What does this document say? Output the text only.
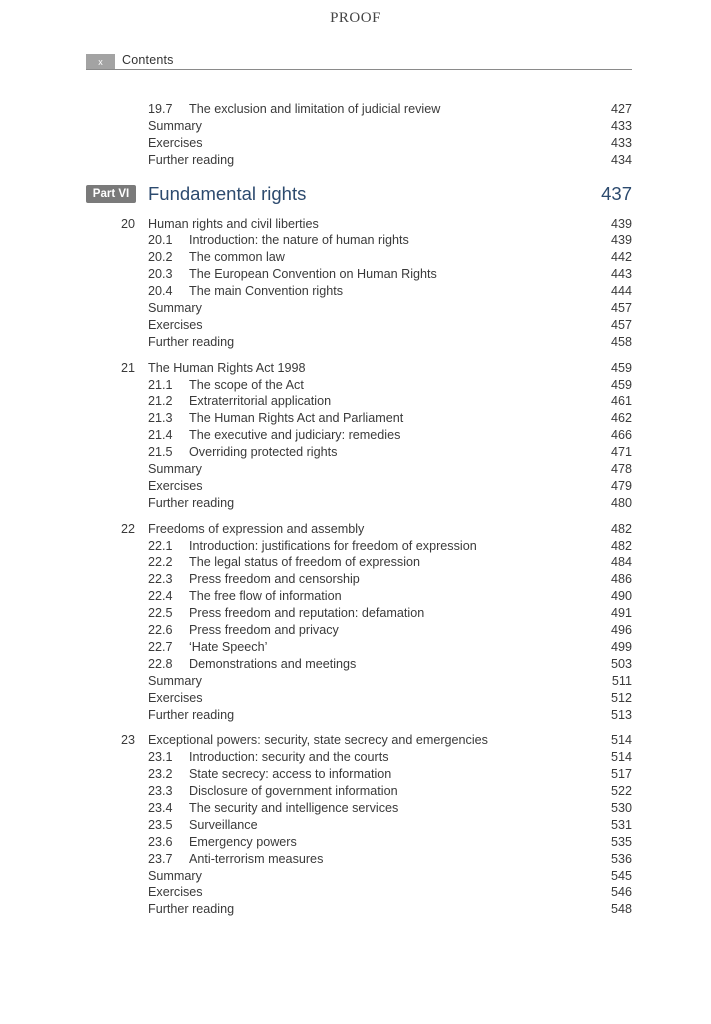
PROOF
x	Contents
19.7 The exclusion and limitation of judicial review	427
Summary	433
Exercises	433
Further reading	434
Part VI	Fundamental rights	437
20 Human rights and civil liberties	439
20.1 Introduction: the nature of human rights	439
20.2 The common law	442
20.3 The European Convention on Human Rights	443
20.4 The main Convention rights	444
Summary	457
Exercises	457
Further reading	458
21 The Human Rights Act 1998	459
21.1 The scope of the Act	459
21.2 Extraterritorial application	461
21.3 The Human Rights Act and Parliament	462
21.4 The executive and judiciary: remedies	466
21.5 Overriding protected rights	471
Summary	478
Exercises	479
Further reading	480
22 Freedoms of expression and assembly	482
22.1 Introduction: justifications for freedom of expression	482
22.2 The legal status of freedom of expression	484
22.3 Press freedom and censorship	486
22.4 The free flow of information	490
22.5 Press freedom and reputation: defamation	491
22.6 Press freedom and privacy	496
22.7 ‘Hate Speech’	499
22.8 Demonstrations and meetings	503
Summary	511
Exercises	512
Further reading	513
23 Exceptional powers: security, state secrecy and emergencies	514
23.1 Introduction: security and the courts	514
23.2 State secrecy: access to information	517
23.3 Disclosure of government information	522
23.4 The security and intelligence services	530
23.5 Surveillance	531
23.6 Emergency powers	535
23.7 Anti-terrorism measures	536
Summary	545
Exercises	546
Further reading	548
